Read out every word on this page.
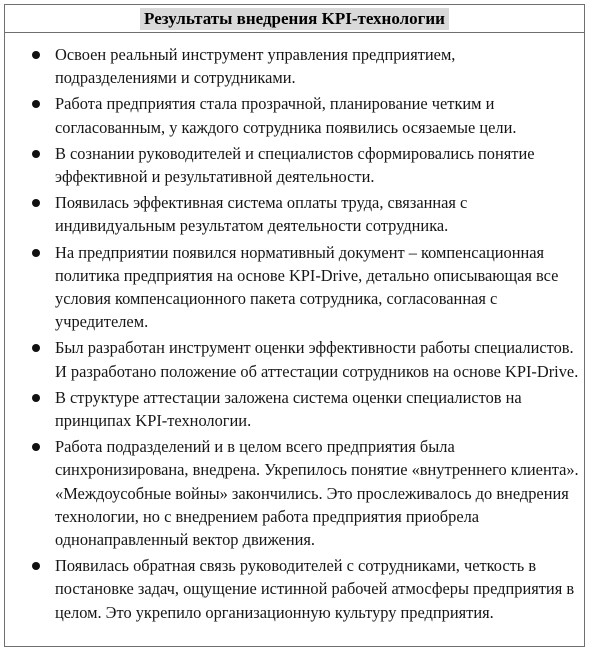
Результаты внедрения KPI-технологии
Освоен реальный инструмент управления предприятием, подразделениями и сотрудниками.
Работа предприятия стала прозрачной, планирование четким и согласованным, у каждого сотрудника появились осязаемые цели.
В сознании руководителей и специалистов сформировались понятие эффективной и результативной деятельности.
Появилась эффективная система оплаты труда, связанная с индивидуальным результатом деятельности сотрудника.
На предприятии появился нормативный документ – компенсационная политика предприятия на основе KPI-Drive, детально описывающая все условия компенсационного пакета сотрудника, согласованная с учредителем.
Был разработан инструмент оценки эффективности работы специалистов. И разработано положение об аттестации сотрудников на основе KPI-Drive.
В структуре аттестации заложена система оценки специалистов на принципах KPI-технологии.
Работа подразделений и в целом всего предприятия была синхронизирована, внедрена. Укрепилось понятие «внутреннего клиента». «Междоусобные войны» закончились. Это прослеживалось до внедрения технологии, но с внедрением работа предприятия приобрела однонаправленный вектор движения.
Появилась обратная связь руководителей с сотрудниками, четкость в постановке задач, ощущение истинной рабочей атмосферы предприятия в целом. Это укрепило организационную культуру предприятия.
